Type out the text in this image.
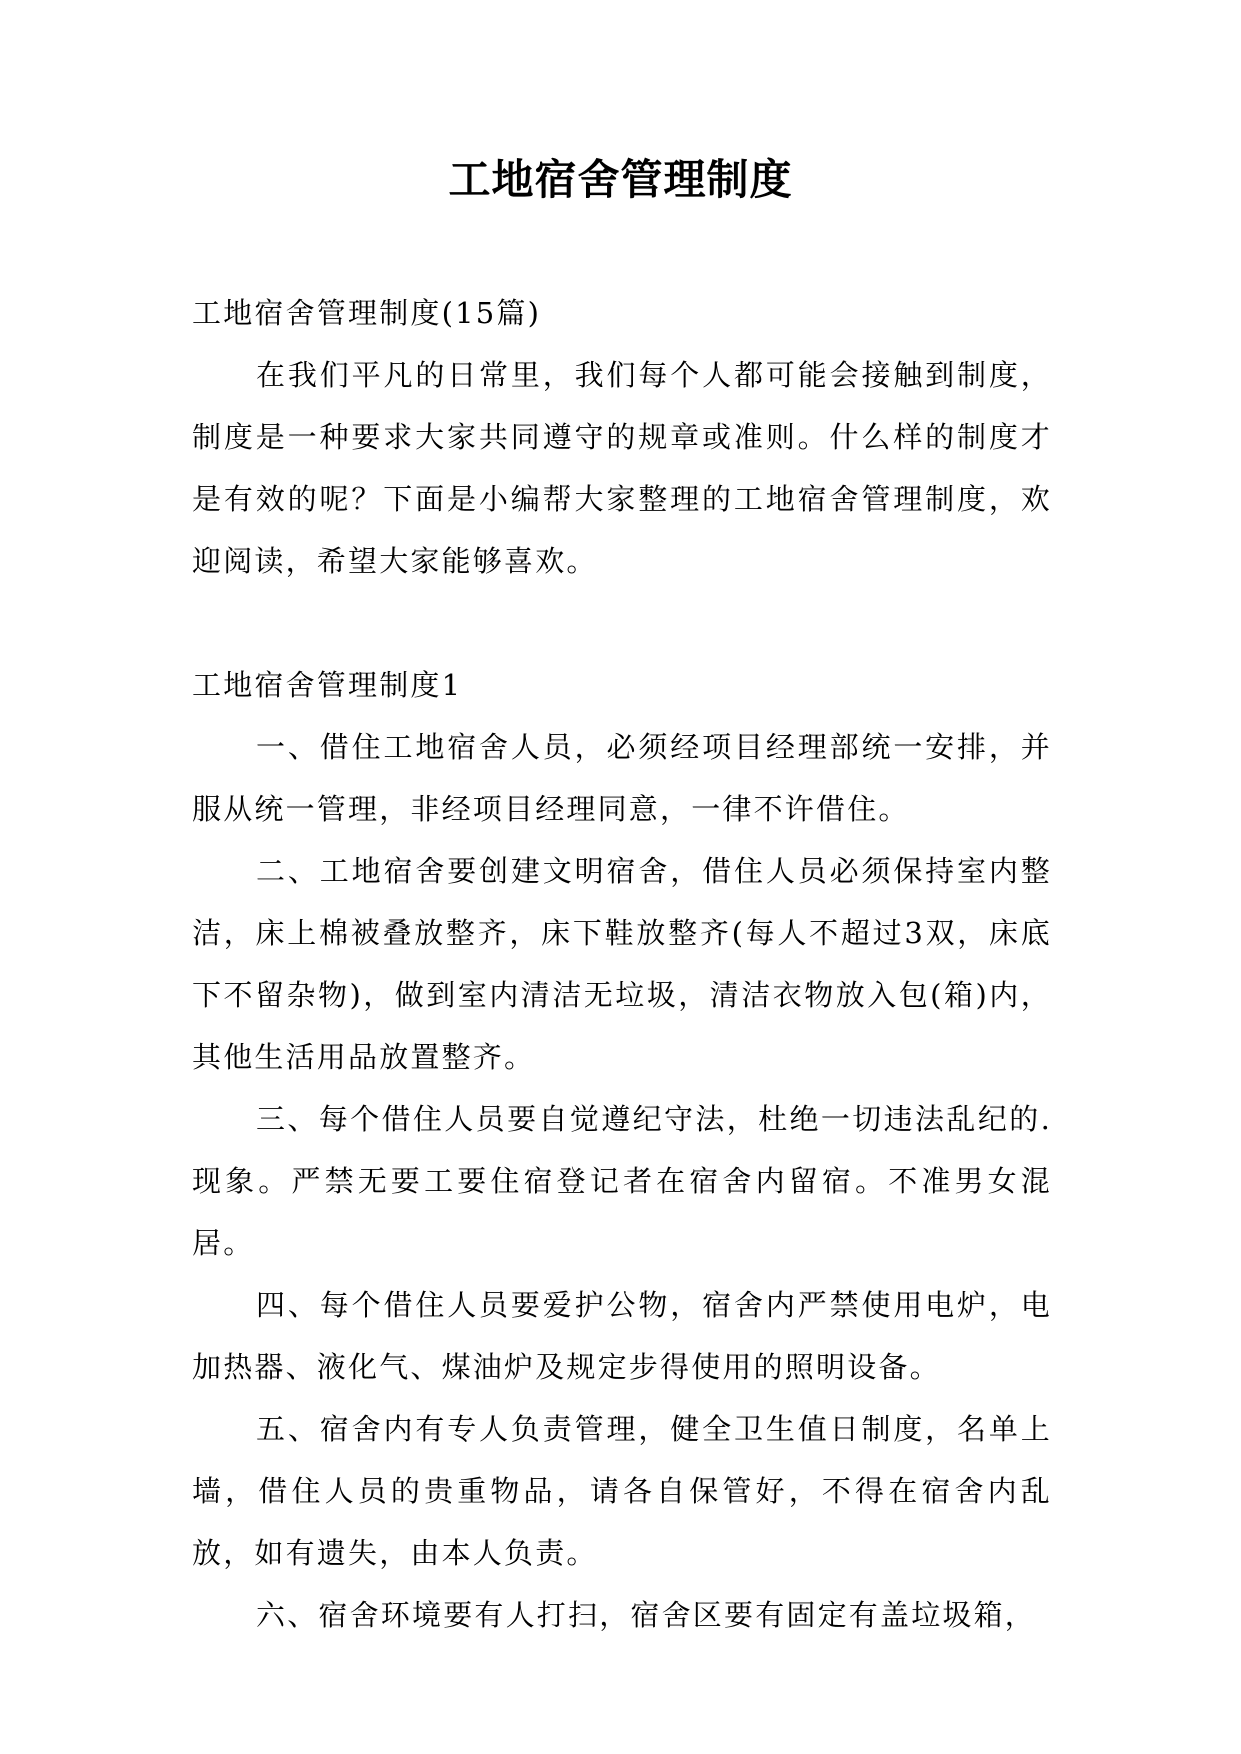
工地宿舍管理制度

工地宿舍管理制度(15篇)

在我们平凡的日常里，我们每个人都可能会接触到制度，制度是一种要求大家共同遵守的规章或准则。什么样的制度才是有效的呢？下面是小编帮大家整理的工地宿舍管理制度，欢迎阅读，希望大家能够喜欢。

工地宿舍管理制度1

一、借住工地宿舍人员，必须经项目经理部统一安排，并服从统一管理，非经项目经理同意，一律不许借住。

二、工地宿舍要创建文明宿舍，借住人员必须保持室内整洁，床上棉被叠放整齐，床下鞋放整齐(每人不超过3双，床底下不留杂物)，做到室内清洁无垃圾，清洁衣物放入包(箱)内，其他生活用品放置整齐。

三、每个借住人员要自觉遵纪守法，杜绝一切违法乱纪的.现象。严禁无要工要住宿登记者在宿舍内留宿。不准男女混居。

四、每个借住人员要爱护公物，宿舍内严禁使用电炉，电加热器、液化气、煤油炉及规定步得使用的照明设备。

五、宿舍内有专人负责管理，健全卫生值日制度，名单上墙，借住人员的贵重物品，请各自保管好，不得在宿舍内乱放，如有遗失，由本人负责。

六、宿舍环境要有人打扫，宿舍区要有固定有盖垃圾箱，
